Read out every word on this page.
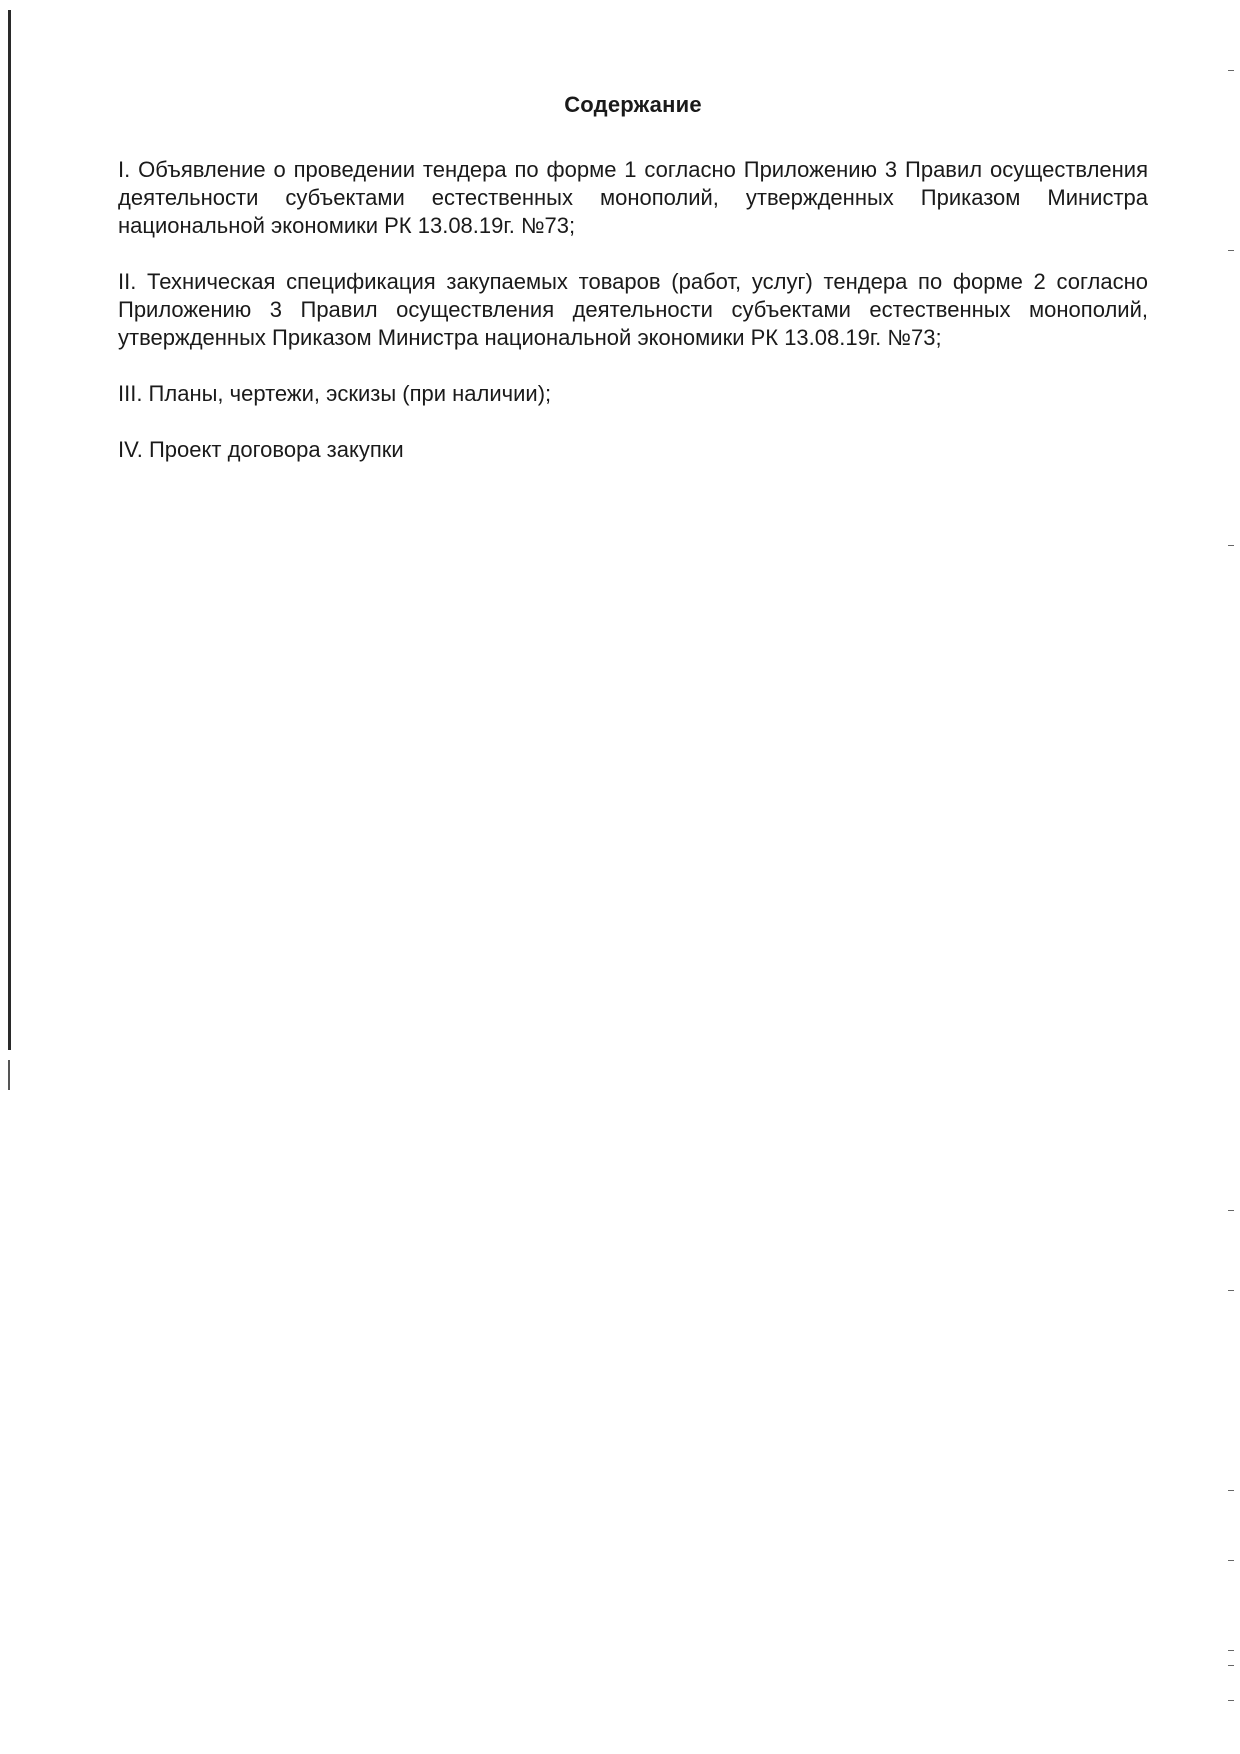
Содержание

I. Объявление о проведении тендера по форме 1 согласно Приложению 3 Правил осуществления деятельности субъектами естественных монополий, утвержденных Приказом Министра национальной экономики РК 13.08.19г. №73;

II. Техническая спецификация закупаемых товаров (работ, услуг) тендера по форме 2 согласно Приложению 3 Правил осуществления деятельности субъектами естественных монополий, утвержденных Приказом Министра национальной экономики РК 13.08.19г. №73;

III. Планы, чертежи, эскизы (при наличии);

IV. Проект договора закупки
